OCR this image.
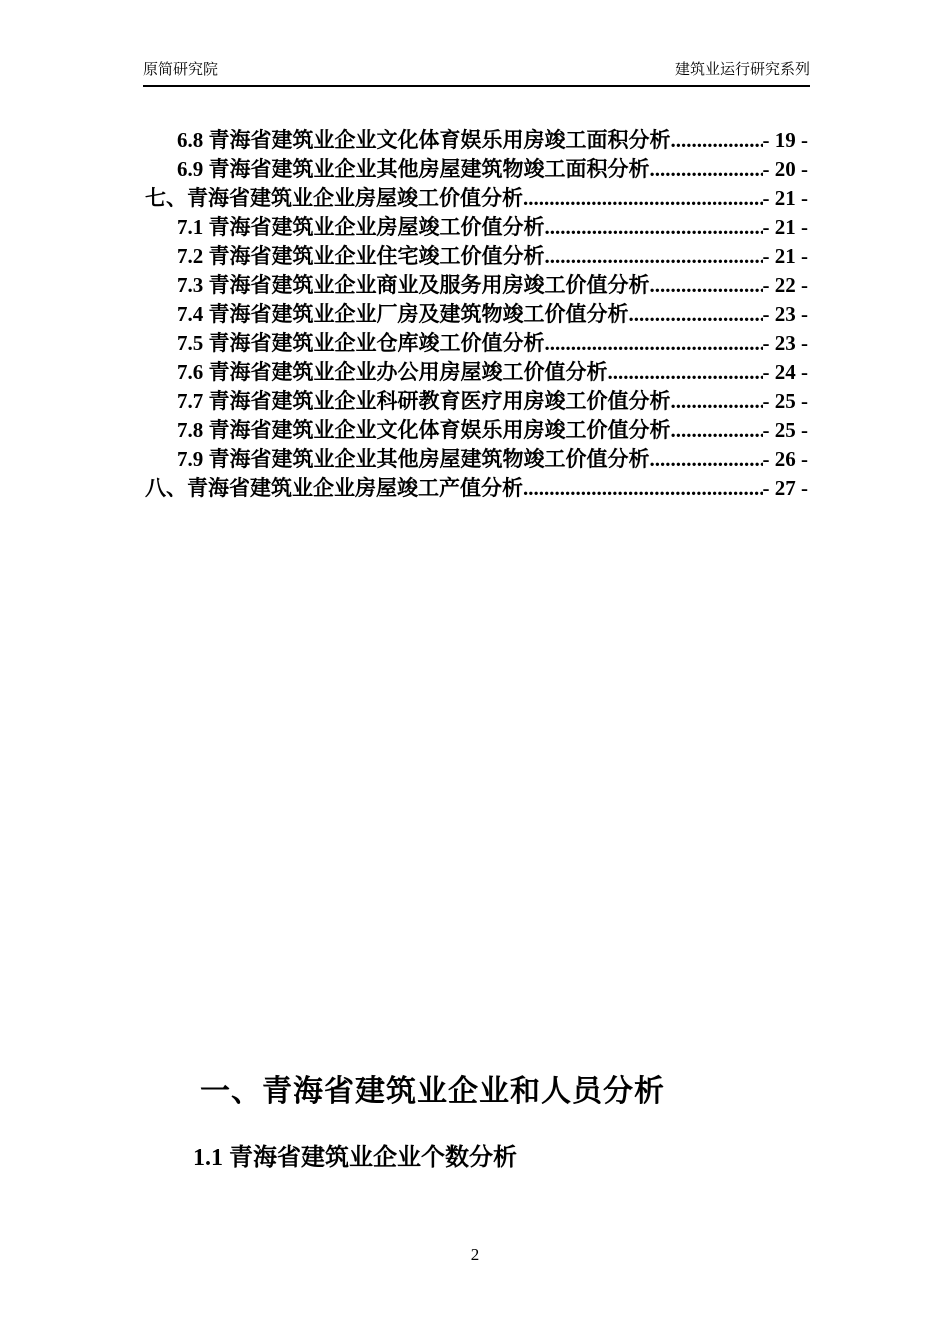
原简研究院	建筑业运行研究系列
6.8 青海省建筑业企业文化体育娱乐用房竣工面积分析 .....	- 19 -
6.9 青海省建筑业企业其他房屋建筑物竣工面积分析 .....	- 20 -
七、青海省建筑业企业房屋竣工价值分析 .....	- 21 -
7.1 青海省建筑业企业房屋竣工价值分析 .....	- 21 -
7.2 青海省建筑业企业住宅竣工价值分析 .....	- 21 -
7.3 青海省建筑业企业商业及服务用房竣工价值分析 .....	- 22 -
7.4 青海省建筑业企业厂房及建筑物竣工价值分析 .....	- 23 -
7.5 青海省建筑业企业仓库竣工价值分析 .....	- 23 -
7.6 青海省建筑业企业办公用房屋竣工价值分析 .....	- 24 -
7.7 青海省建筑业企业科研教育医疗用房竣工价值分析 .....	- 25 -
7.8 青海省建筑业企业文化体育娱乐用房竣工价值分析 .....	- 25 -
7.9 青海省建筑业企业其他房屋建筑物竣工价值分析 .....	- 26 -
八、青海省建筑业企业房屋竣工产值分析 .....	- 27 -
一、青海省建筑业企业和人员分析
1.1 青海省建筑业企业个数分析
2
